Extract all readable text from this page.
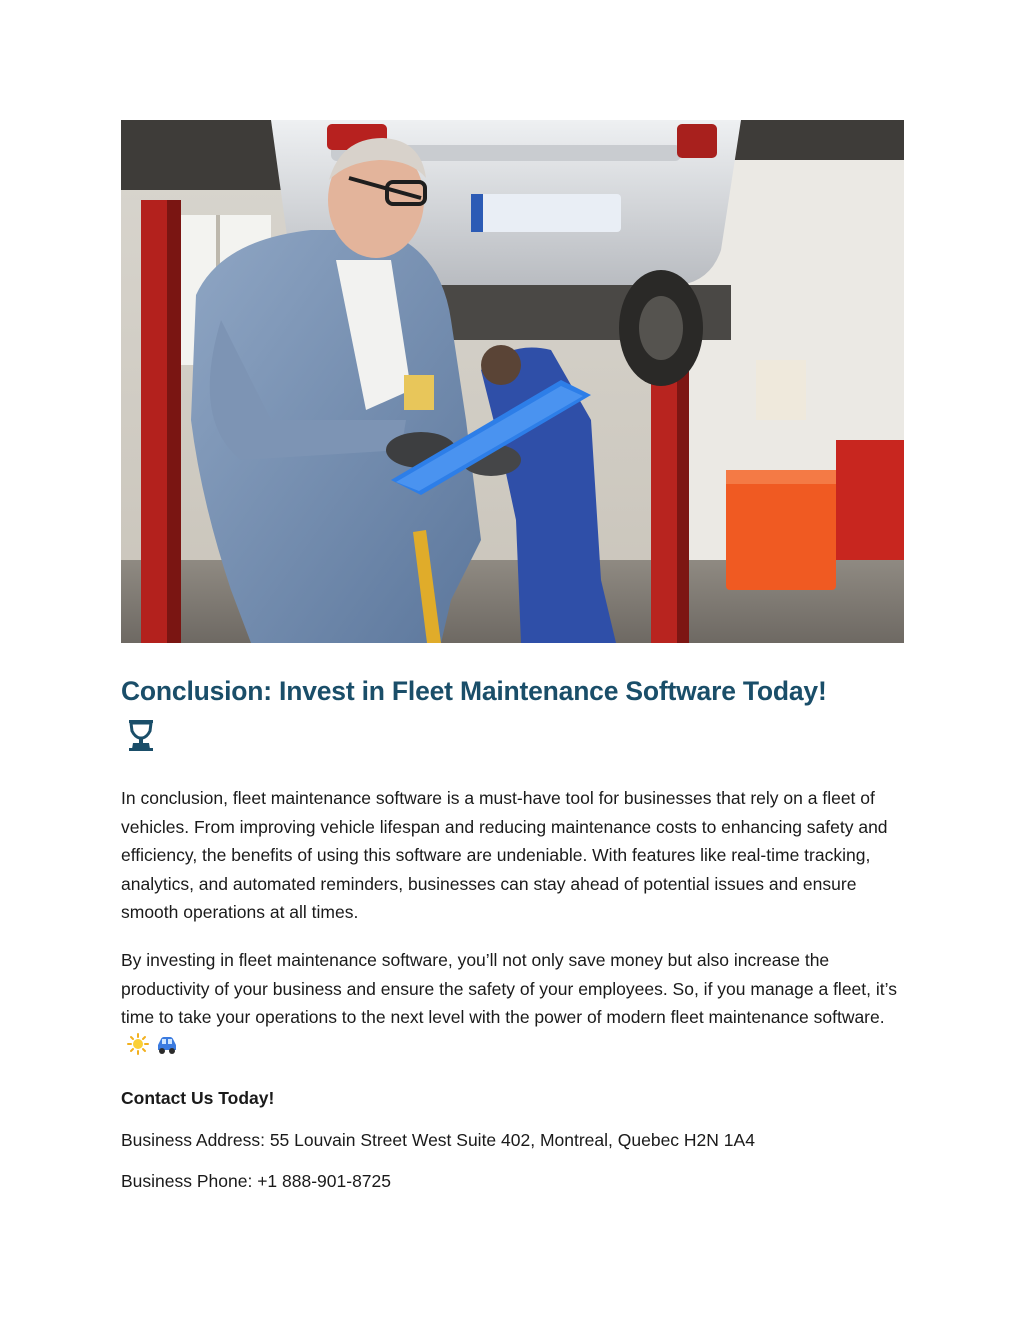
Conclusion: Invest in Fleet Maintenance Software Today!

In conclusion, fleet maintenance software is a must-have tool for businesses that rely on a fleet of vehicles. From improving vehicle lifespan and reducing maintenance costs to enhancing safety and efficiency, the benefits of using this software are undeniable. With features like real-time tracking, analytics, and automated reminders, businesses can stay ahead of potential issues and ensure smooth operations at all times.

By investing in fleet maintenance software, you’ll not only save money but also increase the productivity of your business and ensure the safety of your employees. So, if you manage a fleet, it’s time to take your operations to the next level with the power of modern fleet maintenance software.

Contact Us Today!

Business Address: 55 Louvain Street West Suite 402, Montreal, Quebec H2N 1A4

Business Phone: +1 888-901-8725
